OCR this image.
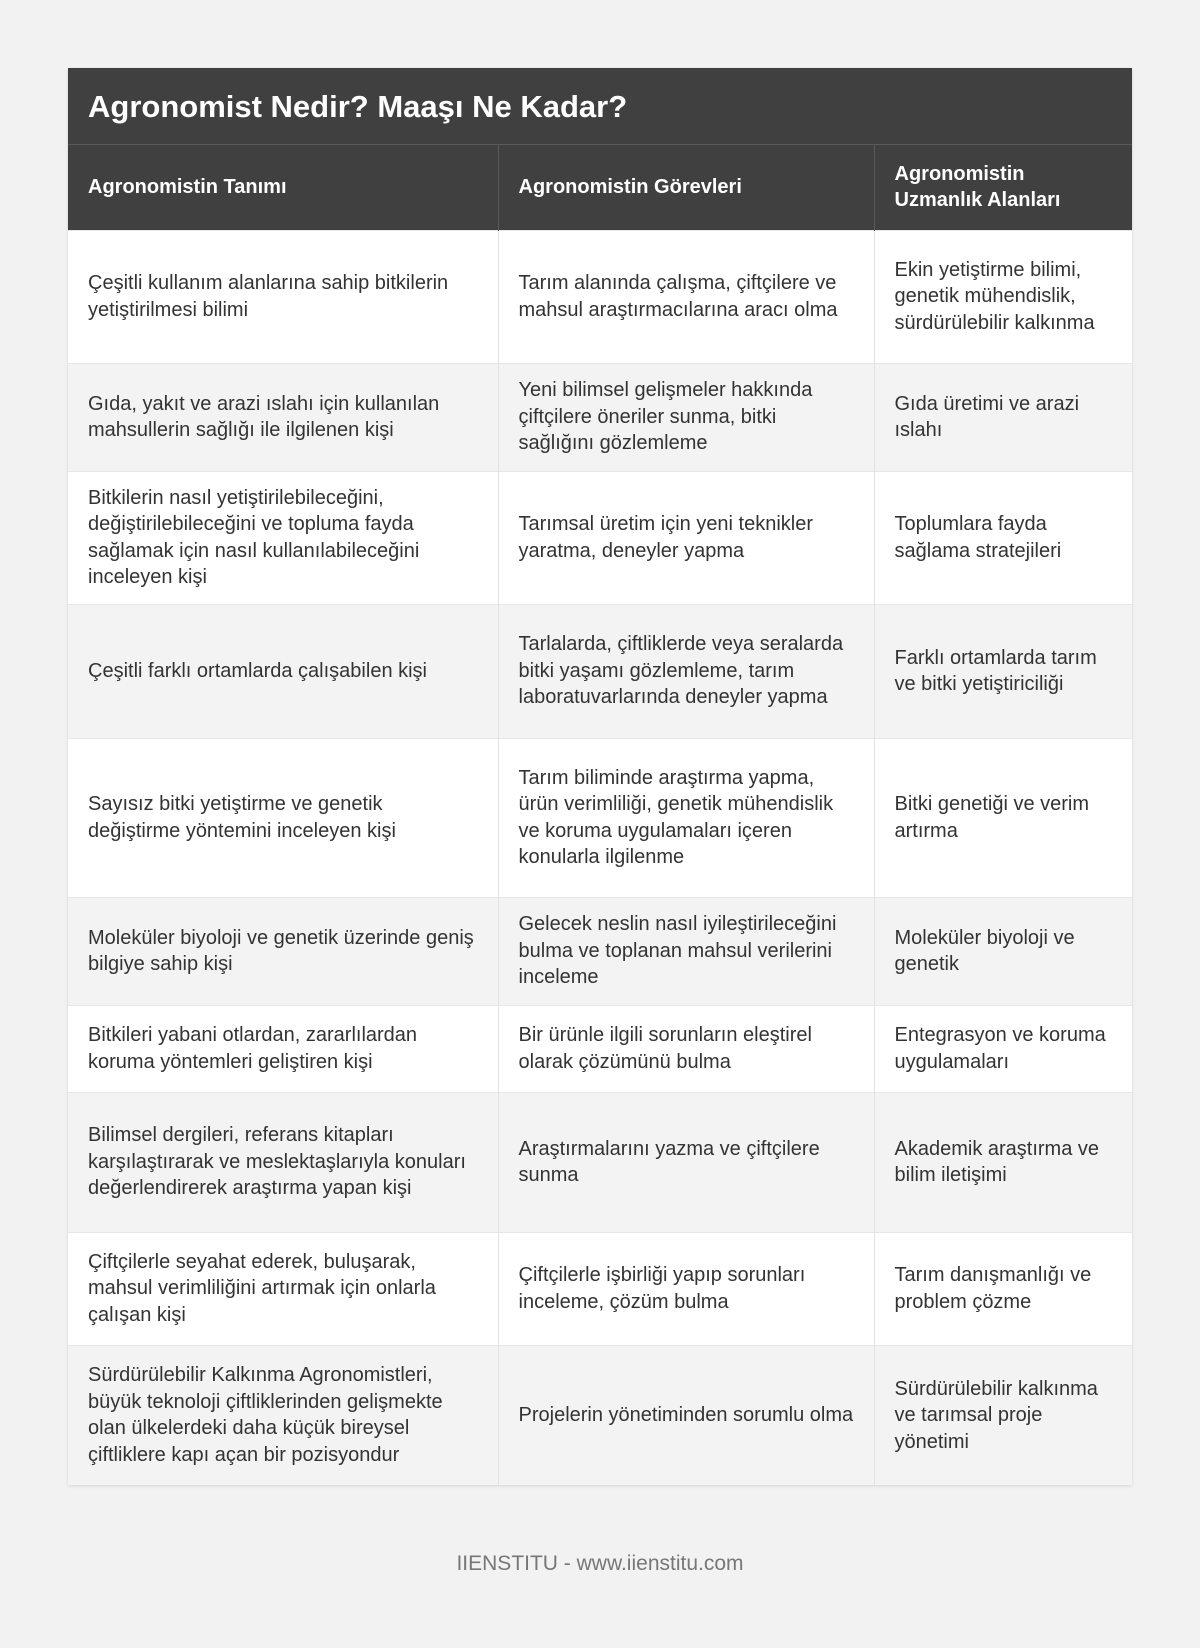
Agronomist Nedir? Maaşı Ne Kadar?
Agronomistin Tanımı	Agronomistin Görevleri	Agronomistin Uzmanlık Alanları
Çeşitli kullanım alanlarına sahip bitkilerin yetiştirilmesi bilimi	Tarım alanında çalışma, çiftçilere ve mahsul araştırmacılarına aracı olma	Ekin yetiştirme bilimi, genetik mühendislik, sürdürülebilir kalkınma
Gıda, yakıt ve arazi ıslahı için kullanılan mahsullerin sağlığı ile ilgilenen kişi	Yeni bilimsel gelişmeler hakkında çiftçilere öneriler sunma, bitki sağlığını gözlemleme	Gıda üretimi ve arazi ıslahı
Bitkilerin nasıl yetiştirilebileceğini, değiştirilebileceğini ve topluma fayda sağlamak için nasıl kullanılabileceğini inceleyen kişi	Tarımsal üretim için yeni teknikler yaratma, deneyler yapma	Toplumlara fayda sağlama stratejileri
Çeşitli farklı ortamlarda çalışabilen kişi	Tarlalarda, çiftliklerde veya seralarda bitki yaşamı gözlemleme, tarım laboratuvarlarında deneyler yapma	Farklı ortamlarda tarım ve bitki yetiştiriciliği
Sayısız bitki yetiştirme ve genetik değiştirme yöntemini inceleyen kişi	Tarım biliminde araştırma yapma, ürün verimliliği, genetik mühendislik ve koruma uygulamaları içeren konularla ilgilenme	Bitki genetiği ve verim artırma
Moleküler biyoloji ve genetik üzerinde geniş bilgiye sahip kişi	Gelecek neslin nasıl iyileştirileceğini bulma ve toplanan mahsul verilerini inceleme	Moleküler biyoloji ve genetik
Bitkileri yabani otlardan, zararlılardan koruma yöntemleri geliştiren kişi	Bir ürünle ilgili sorunların eleştirel olarak çözümünü bulma	Entegrasyon ve koruma uygulamaları
Bilimsel dergileri, referans kitapları karşılaştırarak ve meslektaşlarıyla konuları değerlendirerek araştırma yapan kişi	Araştırmalarını yazma ve çiftçilere sunma	Akademik araştırma ve bilim iletişimi
Çiftçilerle seyahat ederek, buluşarak, mahsul verimliliğini artırmak için onlarla çalışan kişi	Çiftçilerle işbirliği yapıp sorunları inceleme, çözüm bulma	Tarım danışmanlığı ve problem çözme
Sürdürülebilir Kalkınma Agronomistleri, büyük teknoloji çiftliklerinden gelişmekte olan ülkelerdeki daha küçük bireysel çiftliklere kapı açan bir pozisyondur	Projelerin yönetiminden sorumlu olma	Sürdürülebilir kalkınma ve tarımsal proje yönetimi
IIENSTITU - www.iienstitu.com
